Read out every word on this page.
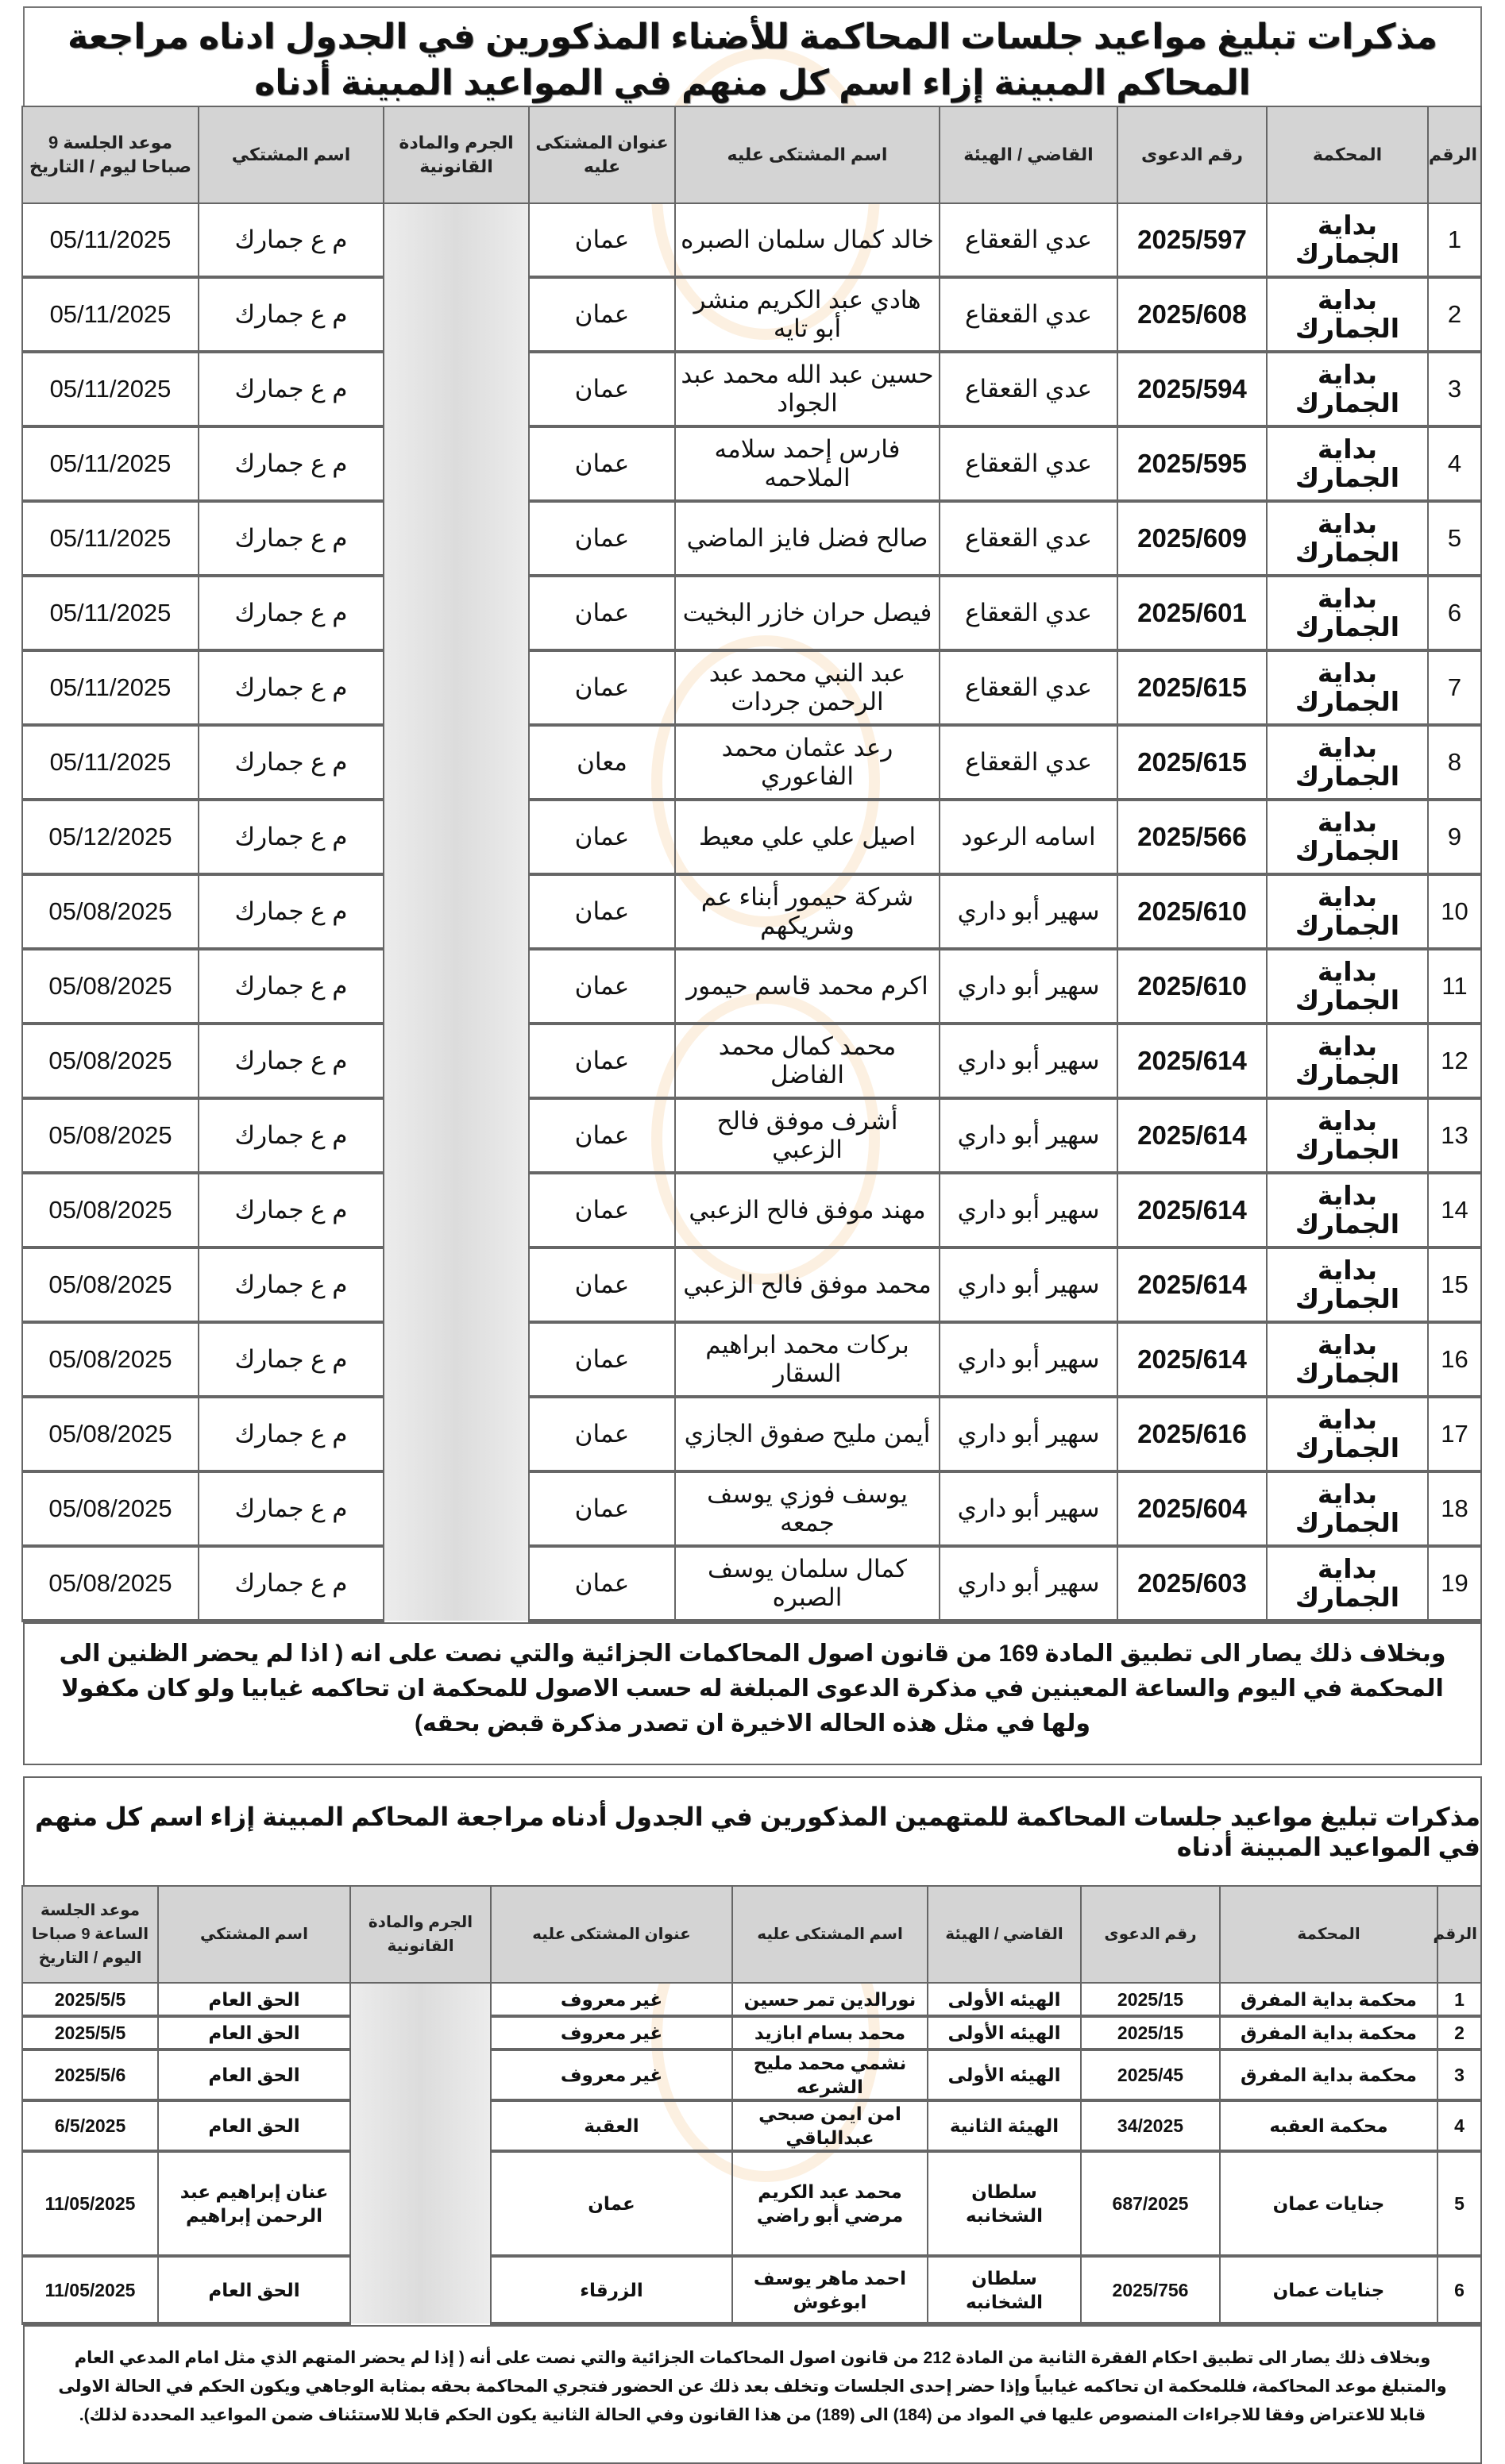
مذكرات تبليغ مواعيد جلسات المحاكمة للأضناء المذكورين في الجدول ادناه مراجعة المحاكم المبينة إزاء اسم كل منهم في المواعيد المبينة أدناه
الرقم	المحكمة	رقم الدعوى	القاضي / الهيئة	اسم المشتكى عليه	عنوان المشتكى عليه	الجرم والمادة القانونية	اسم المشتكي	موعد الجلسة 9 صباحا ليوم / التاريخ
1	بداية الجمارك	2025/597	عدي القعقاع	خالد كمال سلمان الصبره	عمان		م ع جمارك	05/11/2025
2	بداية الجمارك	2025/608	عدي القعقاع	هادي عبد الكريم منشر أبو تايه	عمان		م ع جمارك	05/11/2025
3	بداية الجمارك	2025/594	عدي القعقاع	حسين عبد الله محمد عبد الجواد	عمان		م ع جمارك	05/11/2025
4	بداية الجمارك	2025/595	عدي القعقاع	فارس إحمد سلامه الملاحمه	عمان		م ع جمارك	05/11/2025
5	بداية الجمارك	2025/609	عدي القعقاع	صالح فضل فايز الماضي	عمان		م ع جمارك	05/11/2025
6	بداية الجمارك	2025/601	عدي القعقاع	فيصل حران خازر البخيت	عمان		م ع جمارك	05/11/2025
7	بداية الجمارك	2025/615	عدي القعقاع	عبد النبي محمد عبد الرحمن جردات	عمان		م ع جمارك	05/11/2025
8	بداية الجمارك	2025/615	عدي القعقاع	رعد عثمان محمد الفاعوري	معان		م ع جمارك	05/11/2025
9	بداية الجمارك	2025/566	اسامه الرعود	اصيل علي علي معيط	عمان		م ع جمارك	05/12/2025
10	بداية الجمارك	2025/610	سهير أبو داري	شركة حيمور أبناء عم وشريكهم	عمان		م ع جمارك	05/08/2025
11	بداية الجمارك	2025/610	سهير أبو داري	اكرم محمد قاسم حيمور	عمان		م ع جمارك	05/08/2025
12	بداية الجمارك	2025/614	سهير أبو داري	محمد كمال محمد الفاضل	عمان		م ع جمارك	05/08/2025
13	بداية الجمارك	2025/614	سهير أبو داري	أشرف موفق فالح الزعبي	عمان		م ع جمارك	05/08/2025
14	بداية الجمارك	2025/614	سهير أبو داري	مهند موفق فالح الزعبي	عمان		م ع جمارك	05/08/2025
15	بداية الجمارك	2025/614	سهير أبو داري	محمد موفق فالح الزعبي	عمان		م ع جمارك	05/08/2025
16	بداية الجمارك	2025/614	سهير أبو داري	بركات محمد ابراهيم السقار	عمان		م ع جمارك	05/08/2025
17	بداية الجمارك	2025/616	سهير أبو داري	أيمن مليح صفوق الجازي	عمان		م ع جمارك	05/08/2025
18	بداية الجمارك	2025/604	سهير أبو داري	يوسف فوزي يوسف جمعه	عمان		م ع جمارك	05/08/2025
19	بداية الجمارك	2025/603	سهير أبو داري	كمال سلمان يوسف الصبره	عمان		م ع جمارك	05/08/2025
وبخلاف ذلك يصار الى تطبيق المادة 169 من قانون اصول المحاكمات الجزائية والتي نصت على انه ( اذا لم يحضر الظنين الى المحكمة في اليوم والساعة المعينين في مذكرة الدعوى المبلغة له حسب الاصول للمحكمة ان تحاكمه غيابيا ولو كان مكفولا ولها في مثل هذه الحاله الاخيرة ان تصدر مذكرة قبض بحقه)
مذكرات تبليغ مواعيد جلسات المحاكمة للمتهمين المذكورين في الجدول أدناه مراجعة المحاكم المبينة إزاء اسم كل منهم في المواعيد المبينة أدناه
الرقم	المحكمة	رقم الدعوى	القاضي / الهيئة	اسم المشتكى عليه	عنوان المشتكى عليه	الجرم والمادة القانونية	اسم المشتكي	موعد الجلسة الساعة 9 صباحا اليوم / التاريخ
1	محكمة بداية المفرق	2025/15	الهيئه الأولى	نورالدين تمر حسين	غير معروف		الحق العام	2025/5/5
2	محكمة بداية المفرق	2025/15	الهيئه الأولى	محمد بسام ابازيد	غير معروف		الحق العام	2025/5/5
3	محكمة بداية المفرق	2025/45	الهيئه الأولى	نشمي محمد مليح الشرعه	غير معروف		الحق العام	2025/5/6
4	محكمة العقبه	34/2025	الهيئة الثانية	امن ايمن صبحي عبدالباقي	العقبة		الحق العام	6/5/2025
5	جنايات عمان	687/2025	سلطان الشخانبه	محمد عبد الكريم مرضي أبو راضي	عمان		عنان إبراهيم عبد الرحمن إبراهيم	11/05/2025
6	جنايات عمان	2025/756	سلطان الشخانبه	احمد ماهر يوسف ابوغوش	الزرقاء		الحق العام	11/05/2025
وبخلاف ذلك يصار الى تطبيق احكام الفقرة الثانية من المادة 212 من قانون اصول المحاكمات الجزائية والتي نصت على أنه ( إذا لم يحضر المتهم الذي مثل امام المدعي العام والمتبلغ موعد المحاكمة، فللمحكمة ان تحاكمه غيابياً وإذا حضر إحدى الجلسات وتخلف بعد ذلك عن الحضور فتجري المحاكمة بحقه بمثابة الوجاهي ويكون الحكم في الحالة الاولى قابلا للاعتراض وفقا للاجراءات المنصوص عليها في المواد من (184) الى (189) من هذا القانون وفي الحالة الثانية يكون الحكم قابلا للاستئناف ضمن المواعيد المحددة لذلك).
